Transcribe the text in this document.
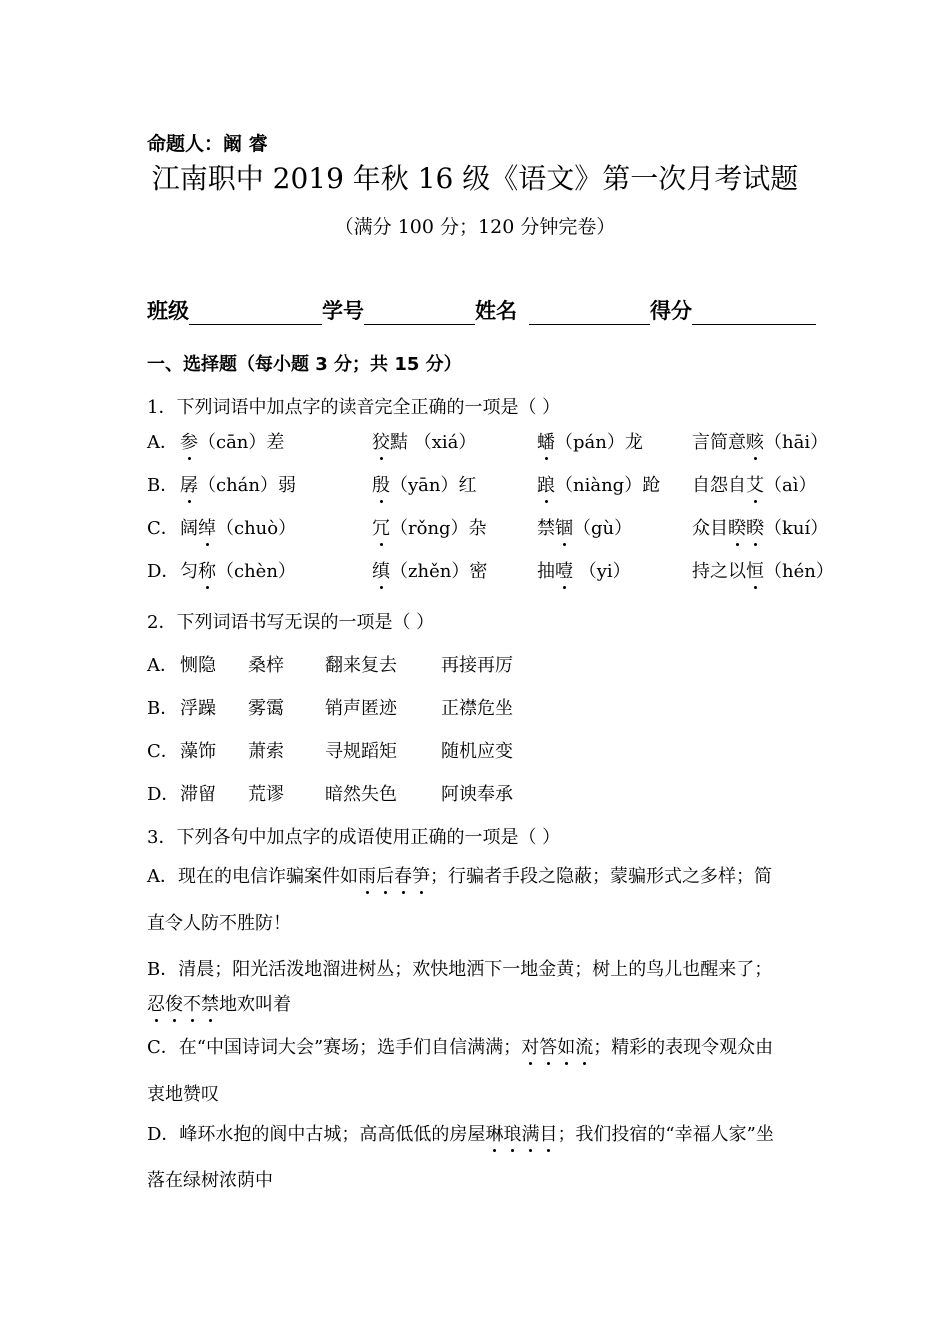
命题人：阚 睿
江南职中 2019 年秋 16 级《语文》第一次月考试题
（满分 100 分；120 分钟完卷）
班级	学号	姓名	得分
一、选择题（每小题 3 分；共 15 分）
1．下列词语中加点字的读音完全正确的一项是（ ）
A． 参（cān）差	狡黠 （xiá）	蟠（pán）龙	言简意赅（hāi）
B． 孱（chán）弱	殷（yān）红	踉（niàng）跄 自怨自艾（aì）
C． 阔绰（chuò）	冗（rǒng）杂	禁锢（gù）	众目睽睽（kuí）
D． 匀称（chèn）	缜（zhěn）密	抽噎 （yi）	持之以恒（hén）
2．下列词语书写无误的一项是（ ）
A． 恻隐 桑梓 翻来复去 再接再厉
B． 浮躁 雾霭 销声匿迹 正襟危坐
C． 藻饰 萧索 寻规蹈矩 随机应变
D． 滞留 荒谬 暗然失色 阿谀奉承
3．下列各句中加点字的成语使用正确的一项是（ ）
A．现在的电信诈骗案件如雨后春笋；行骗者手段之隐蔽；蒙骗形式之多样；简
直令人防不胜防！
B．清晨；阳光活泼地溜进树丛；欢快地洒下一地金黄；树上的鸟儿也醒来了；
忍俊不禁地欢叫着
C．在“中国诗词大会”赛场；选手们自信满满；对答如流；精彩的表现令观众由
衷地赞叹
D．峰环水抱的阆中古城；高高低低的房屋琳琅满目；我们投宿的“幸福人家”坐
落在绿树浓荫中
